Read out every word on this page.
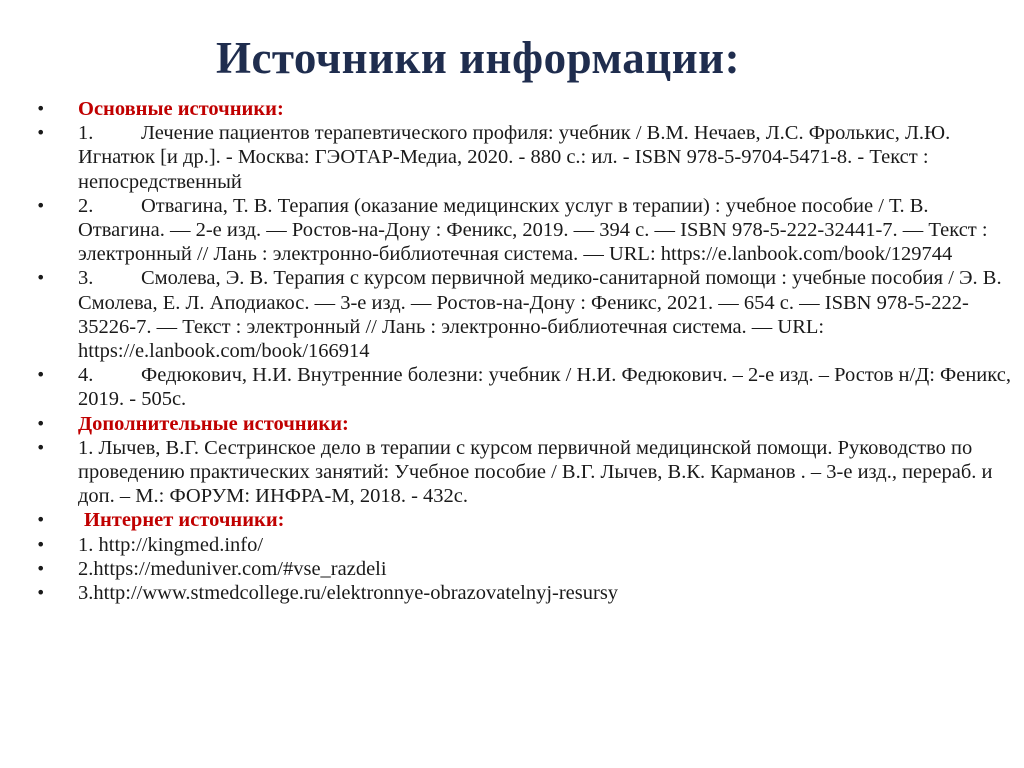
Источники информации:
•	Основные источники:
•	1. Лечение пациентов терапевтического профиля: учебник / В.М. Нечаев, Л.С. Фролькис, Л.Ю. Игнатюк [и др.]. - Москва: ГЭОТАР-Медиа, 2020. - 880 с.: ил. - ISBN 978-5-9704-5471-8. - Текст : непосредственный
•	2. Отвагина, Т. В. Терапия (оказание медицинских услуг в терапии) : учебное пособие / Т. В. Отвагина. — 2-е изд. — Ростов-на-Дону : Феникс, 2019. — 394 с. — ISBN 978-5-222-32441-7. — Текст : электронный // Лань : электронно-библиотечная система. — URL: https://e.lanbook.com/book/129744
•	3. Смолева, Э. В. Терапия с курсом первичной медико-санитарной помощи : учебные пособия / Э. В. Смолева, Е. Л. Аподиакос. — 3-е изд. — Ростов-на-Дону : Феникс, 2021. — 654 с. — ISBN 978-5-222-35226-7. — Текст : электронный // Лань : электронно-библиотечная система. — URL: https://e.lanbook.com/book/166914
•	4. Федюкович, Н.И. Внутренние болезни: учебник / Н.И. Федюкович. – 2-е изд. – Ростов н/Д: Феникс, 2019. - 505с.
•	Дополнительные источники:
•	1. Лычев, В.Г. Сестринское дело в терапии с курсом первичной медицинской помощи. Руководство по проведению практических занятий: Учебное пособие / В.Г. Лычев, В.К. Карманов . – 3-е изд., перераб. и доп. – М.: ФОРУМ: ИНФРА-М, 2018. - 432с.
•	Интернет источники:
•	1. http://kingmed.info/
•	2.https://meduniver.com/#vse_razdeli
•	3.http://www.stmedcollege.ru/elektronnye-obrazovatelnyj-resursy
